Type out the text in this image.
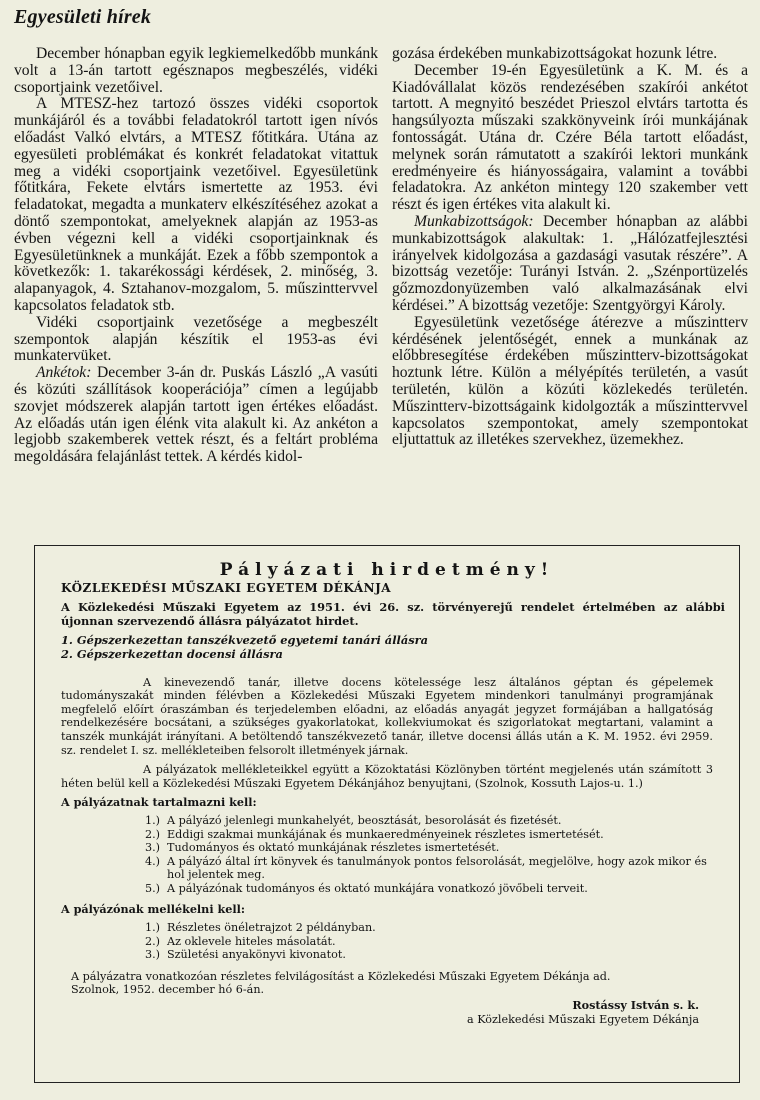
Egyesületi hírek

December hónapban egyik legkiemelkedőbb munkánk volt a 13-án tartott egésznapos megbeszélés, vidéki csoportjaink vezetőivel.

A MTESZ-hez tartozó összes vidéki csoportok munkájáról és a további feladatokról tartott igen nívós előadást Valkó elvtárs, a MTESZ főtitkára. Utána az egyesületi problémákat és konkrét feladatokat vitattuk meg a vidéki csoportjaink vezetőivel. Egyesületünk főtitkára, Fekete elvtárs ismertette az 1953. évi feladatokat, megadta a munkaterv elkészítéséhez azokat a döntő szempontokat, amelyeknek alapján az 1953-as évben végezni kell a vidéki csoportjainknak és Egyesületünknek a munkáját. Ezek a főbb szempontok a következők: 1. takarékossági kérdések, 2. minőség, 3. alapanyagok, 4. Sztahanov-mozgalom, 5. műszinttervvel kapcsolatos feladatok stb.

Vidéki csoportjaink vezetősége a megbeszélt szempontok alapján készítik el 1953-as évi munkatervüket.

Ankétok: December 3-án dr. Puskás László „A vasúti és közúti szállítások kooperációja” címen a legújabb szovjet módszerek alapján tartott igen értékes előadást. Az előadás után igen élénk vita alakult ki. Az ankéton a legjobb szakemberek vettek részt, és a feltárt probléma megoldására felajánlást tettek. A kérdés kidol-

gozása érdekében munkabizottságokat hozunk létre.

December 19-én Egyesületünk a K. M. és a Kiadóvállalat közös rendezésében szakírói ankétot tartott. A megnyitó beszédet Prieszol elvtárs tartotta és hangsúlyozta műszaki szakkönyveink írói munkájának fontosságát. Utána dr. Czére Béla tartott előadást, melynek során rámutatott a szakírói lektori munkánk eredményeire és hiányosságaira, valamint a további feladatokra. Az ankéton mintegy 120 szakember vett részt és igen értékes vita alakult ki.

Munkabizottságok: December hónapban az alábbi munkabizottságok alakultak: 1. „Hálózatfejlesztési irányelvek kidolgozása a gazdasági vasutak részére”. A bizottság vezetője: Turányi István. 2. „Szénportüzelés gőzmozdonyüzemben való alkalmazásának elvi kérdései.” A bizottság vezetője: Szentgyörgyi Károly.

Egyesületünk vezetősége átérezve a műszintterv kérdésének jelentőségét, ennek a munkának az előbbresegítése érdekében műszintterv-bizottságokat hoztunk létre. Külön a mélyépítés területén, a vasút területén, külön a közúti közlekedés területén. Műszintterv-bizottságaink kidolgozták a műszinttervvel kapcsolatos szempontokat, amely szempontokat eljuttattuk az illetékes szervekhez, üzemekhez.

Pályázati hirdetmény!
KÖZLEKEDÉSI MŰSZAKI EGYETEM DÉKÁNJA
A Közlekedési Műszaki Egyetem az 1951. évi 26. sz. törvényerejű rendelet értelmében az alábbi újonnan szervezendő állásra pályázatot hirdet.
1. Gépszerkezettan tanszékvezető egyetemi tanári állásra
2. Gépszerkezettan docensi állásra
A kinevezendő tanár, illetve docens kötelessége lesz általános géptan és gépelemek tudományszakát minden félévben a Közlekedési Műszaki Egyetem mindenkori tanulmányi programjának megfelelő előírt óraszámban és terjedelemben előadni, az előadás anyagát jegyzet formájában a hallgatóság rendelkezésére bocsátani, a szükséges gyakorlatokat, kollekviumokat és szigorlatokat megtartani, valamint a tanszék munkáját irányítani. A betöltendő tanszékvezető tanár, illetve docensi állás után a K. M. 1952. évi 2959. sz. rendelet I. sz. mellékleteiben felsorolt illetmények járnak.
A pályázatok mellékleteikkel együtt a Közoktatási Közlönyben történt megjelenés után számított 3 héten belül kell a Közlekedési Műszaki Egyetem Dékánjához benyujtani, (Szolnok, Kossuth Lajos-u. 1.)
A pályázatnak tartalmazni kell:
1.) A pályázó jelenlegi munkahelyét, beosztását, besorolását és fizetését.
2.) Eddigi szakmai munkájának és munkaeredményeinek részletes ismertetését.
3.) Tudományos és oktató munkájának részletes ismertetését.
4.) A pályázó által írt könyvek és tanulmányok pontos felsorolását, megjelölve, hogy azok mikor és hol jelentek meg.
5.) A pályázónak tudományos és oktató munkájára vonatkozó jövőbeli terveit.
A pályázónak mellékelni kell:
1.) Részletes önéletrajzot 2 példányban.
2.) Az oklevele hiteles másolatát.
3.) Születési anyakönyvi kivonatot.
A pályázatra vonatkozóan részletes felvilágosítást a Közlekedési Műszaki Egyetem Dékánja ad.
Szolnok, 1952. december hó 6-án.
Rostássy István s. k.
a Közlekedési Műszaki Egyetem Dékánja
